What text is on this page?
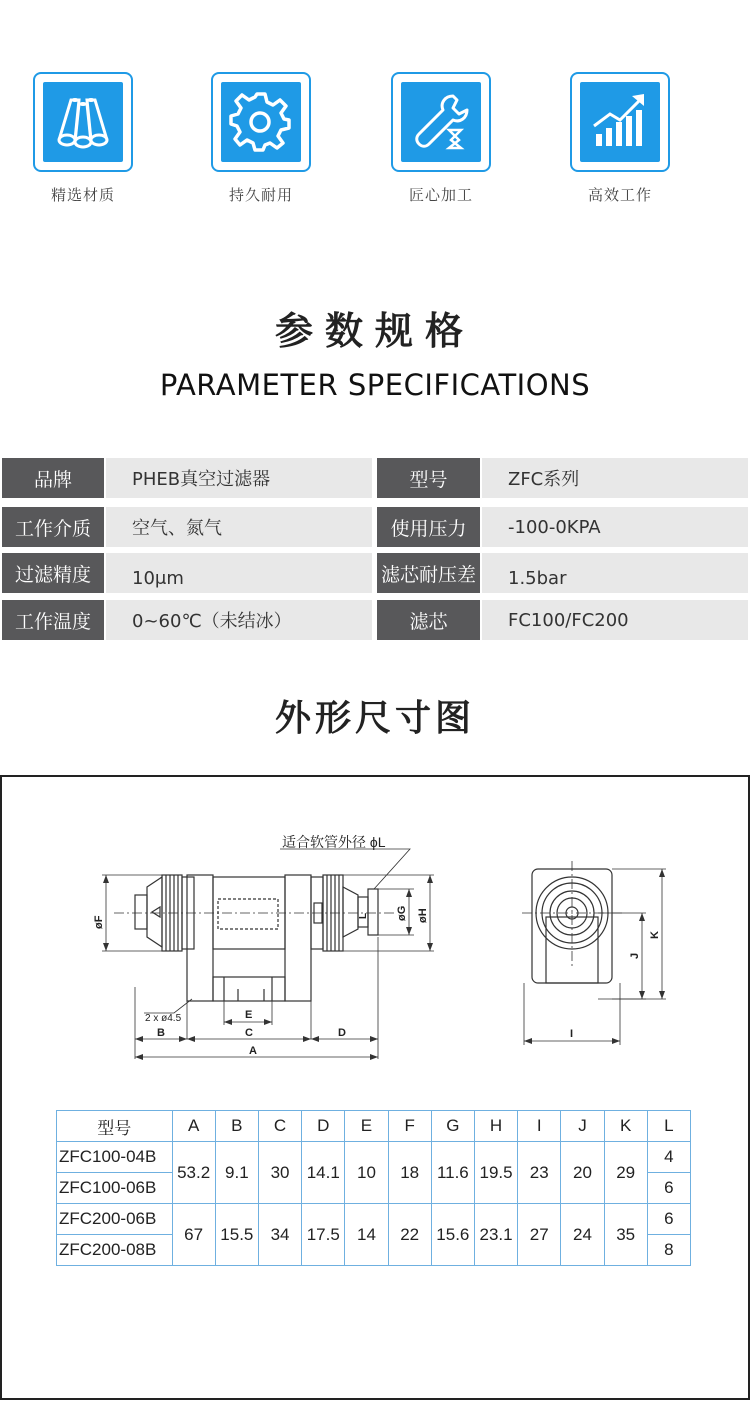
精选材质	持久耐用	匠心加工	高效工作
参数规格
PARAMETER SPECIFICATIONS
品牌	PHEB真空过滤器	型号	ZFC系列
工作介质	空气、氮气	使用压力	-100-0KPA
过滤精度	10μm	滤芯耐压差	1.5bar
工作温度	0~60℃（未结冰）	滤芯	FC100/FC200
外形尺寸图
适合软管外径 ϕL
2 x ø4.5
B	C	D
E
A
øF
øG øH
L
K
J
I
型号	A	B	C	D	E	F	G	H	I	J	K	L
ZFC100-04B	53.2	9.1	30	14.1	10	18	11.6	19.5	23	20	29	4
ZFC100-06B												6
ZFC200-06B	67	15.5	34	17.5	14	22	15.6	23.1	27	24	35	6
ZFC200-08B												8
